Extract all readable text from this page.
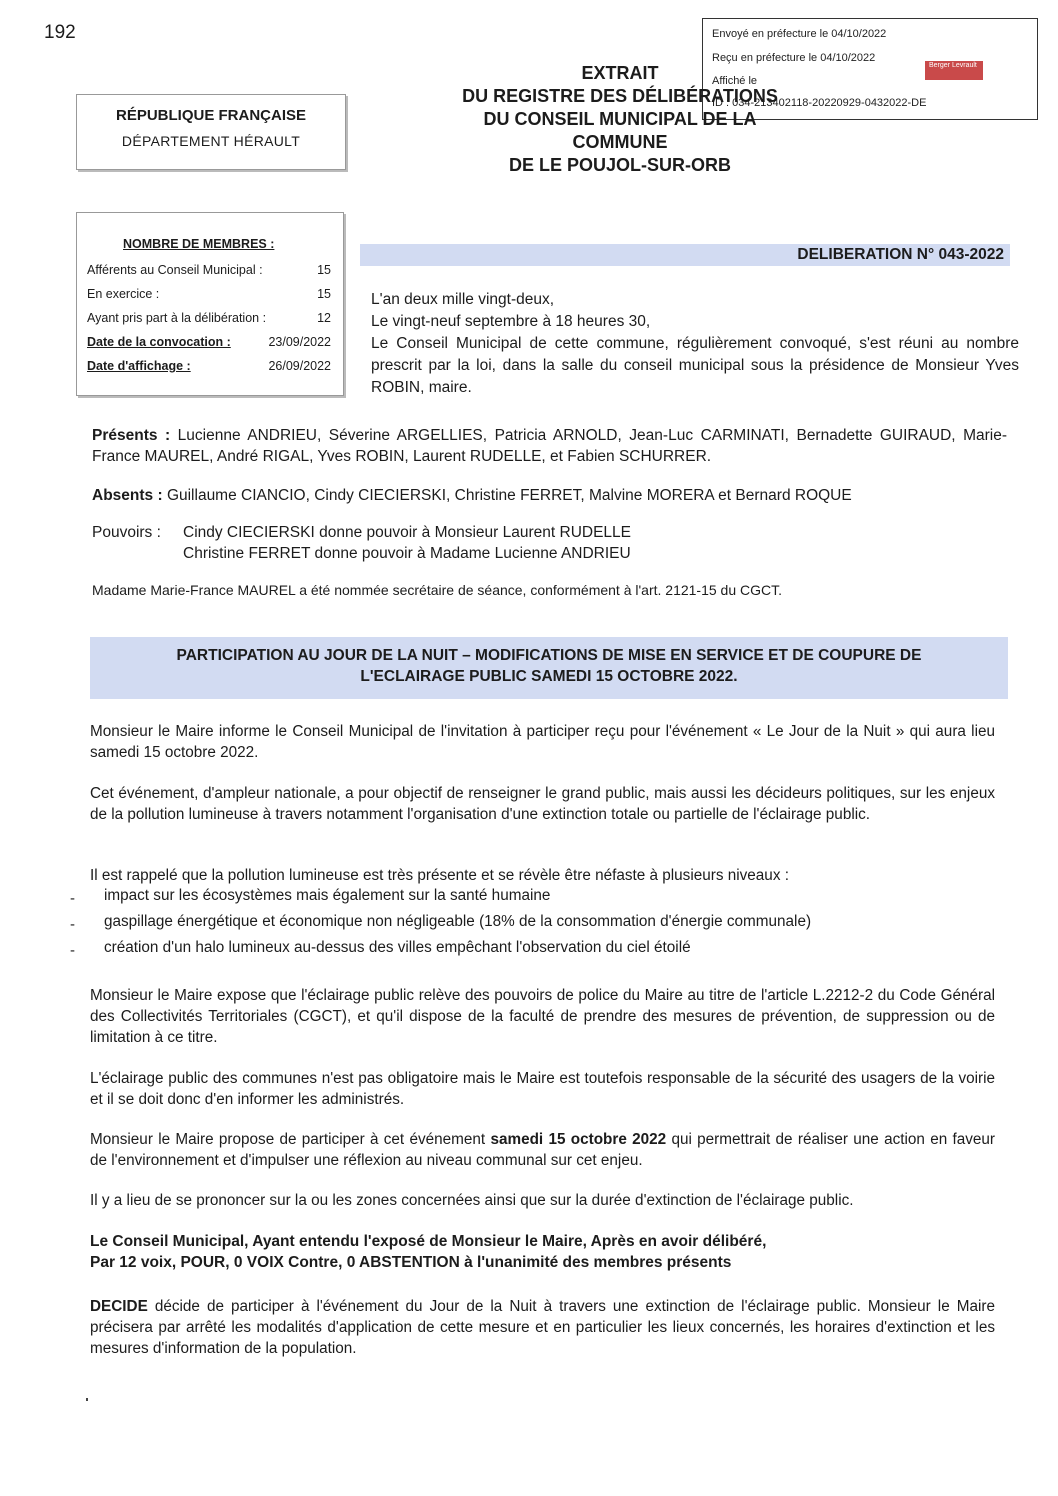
192	Envoyé en préfecture le 04/10/2022
Reçu en préfecture le 04/10/2022
Affiché le
ID : 034-213402118-20220929-0432022-DE
Berger Levrault
EXTRAIT
DU REGISTRE DES DÉLIBÉRATIONS
DU CONSEIL MUNICIPAL DE LA
COMMUNE
DE LE POUJOL-SUR-ORB
RÉPUBLIQUE FRANÇAISE
DÉPARTEMENT HÉRAULT
NOMBRE DE MEMBRES :
Afférents au Conseil Municipal :	15
En exercice :	15
Ayant pris part à la délibération :	12
Date de la convocation :	23/09/2022
Date d'affichage :	26/09/2022
DELIBERATION N° 043-2022

L'an deux mille vingt-deux,

Le vingt-neuf septembre à 18 heures 30,

Le Conseil Municipal de cette commune, régulièrement convoqué, s'est réuni au nombre prescrit par la loi, dans la salle du conseil municipal sous la présidence de Monsieur Yves ROBIN, maire.

Présents : Lucienne ANDRIEU, Séverine ARGELLIES, Patricia ARNOLD, Jean-Luc CARMINATI, Bernadette GUIRAUD, Marie-France MAUREL, André RIGAL, Yves ROBIN, Laurent RUDELLE, et Fabien SCHURRER.
Absents : Guillaume CIANCIO, Cindy CIECIERSKI, Christine FERRET, Malvine MORERA et Bernard ROQUE
Pouvoirs : Cindy CIECIERSKI donne pouvoir à Monsieur Laurent RUDELLE
Christine FERRET donne pouvoir à Madame Lucienne ANDRIEU
Madame Marie-France MAUREL a été nommée secrétaire de séance, conformément à l'art. 2121-15 du CGCT.
PARTICIPATION AU JOUR DE LA NUIT – MODIFICATIONS DE MISE EN SERVICE ET DE COUPURE DE
L'ECLAIRAGE PUBLIC SAMEDI 15 OCTOBRE 2022.
Monsieur le Maire informe le Conseil Municipal de l'invitation à participer reçu pour l'événement « Le Jour de la Nuit » qui aura lieu samedi 15 octobre 2022.
Cet événement, d'ampleur nationale, a pour objectif de renseigner le grand public, mais aussi les décideurs politiques, sur les enjeux de la pollution lumineuse à travers notamment l'organisation d'une extinction totale ou partielle de l'éclairage public.
Il est rappelé que la pollution lumineuse est très présente et se révèle être néfaste à plusieurs niveaux :
- impact sur les écosystèmes mais également sur la santé humaine
- gaspillage énergétique et économique non négligeable (18% de la consommation d'énergie communale)
- création d'un halo lumineux au-dessus des villes empêchant l'observation du ciel étoilé
Monsieur le Maire expose que l'éclairage public relève des pouvoirs de police du Maire au titre de l'article L.2212-2 du Code Général des Collectivités Territoriales (CGCT), et qu'il dispose de la faculté de prendre des mesures de prévention, de suppression ou de limitation à ce titre.
L'éclairage public des communes n'est pas obligatoire mais le Maire est toutefois responsable de la sécurité des usagers de la voirie et il se doit donc d'en informer les administrés.
Monsieur le Maire propose de participer à cet événement samedi 15 octobre 2022 qui permettrait de réaliser une action en faveur de l'environnement et d'impulser une réflexion au niveau communal sur cet enjeu.
Il y a lieu de se prononcer sur la ou les zones concernées ainsi que sur la durée d'extinction de l'éclairage public.
Le Conseil Municipal, Ayant entendu l'exposé de Monsieur le Maire, Après en avoir délibéré,
Par 12 voix, POUR, 0 VOIX Contre, 0 ABSTENTION à l'unanimité des membres présents
DECIDE décide de participer à l'événement du Jour de la Nuit à travers une extinction de l'éclairage public. Monsieur le Maire précisera par arrêté les modalités d'application de cette mesure et en particulier les lieux concernés, les horaires d'extinction et les mesures d'information de la population.
